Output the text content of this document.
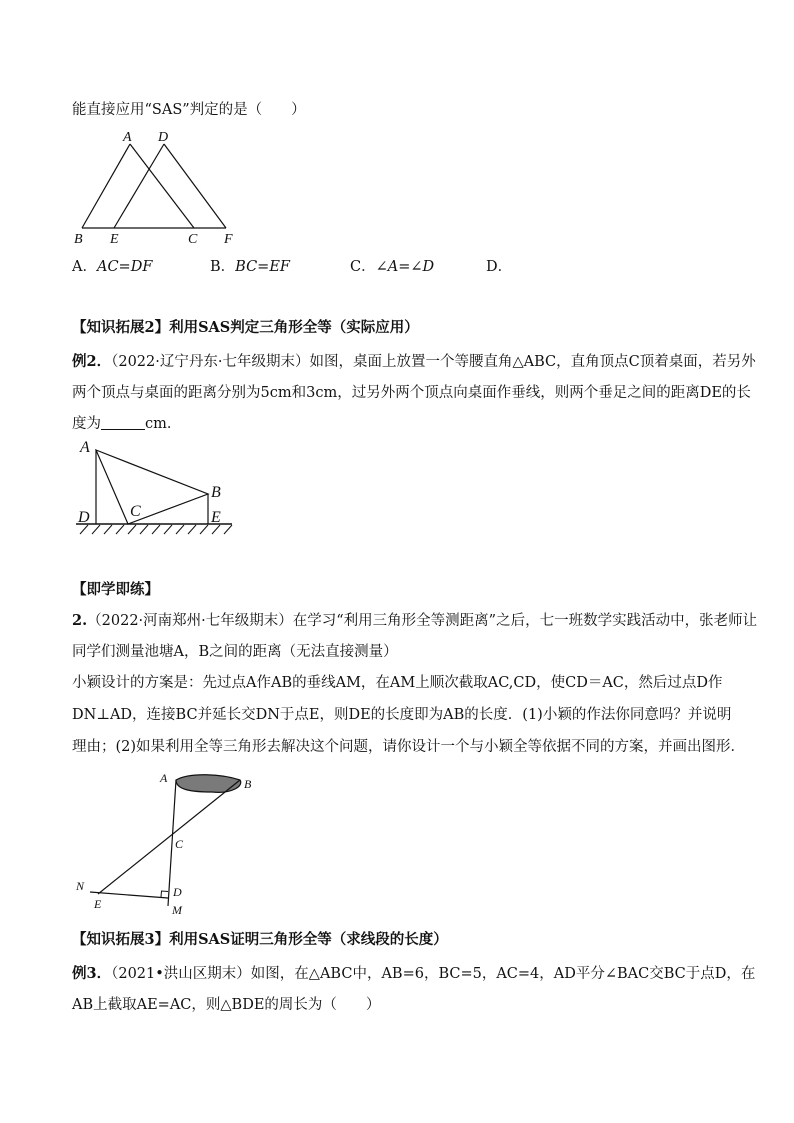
能直接应用“SAS”判定的是（　　）
A D
B E	C F
A．AC=DF	B．BC=EF	C．∠A=∠D	D．
【知识拓展2】利用SAS判定三角形全等（实际应用）
例2．（2022·辽宁丹东·七年级期末）如图，桌面上放置一个等腰直角△ABC，直角顶点C顶着桌面，若另外
两个顶点与桌面的距离分别为5cm和3cm，过另外两个顶点向桌面作垂线，则两个垂足之间的距离DE的长
度为	cm．
A
B
C
D	E
【即学即练】
2.（2022·河南郑州·七年级期末）在学习“利用三角形全等测距离”之后，七一班数学实践活动中，张老师让
同学们测量池塘A，B之间的距离（无法直接测量）
小颖设计的方案是：先过点A作AB的垂线AM，在AM上顺次截取AC,CD，使CD＝AC，然后过点D作
DN⊥AD，连接BC并延长交DN于点E，则DE的长度即为AB的长度．(1)小颖的作法你同意吗？并说明
理由；(2)如果利用全等三角形去解决这个问题，请你设计一个与小颖全等依据不同的方案，并画出图形．
A	B
C
D
E
N
M
【知识拓展3】利用SAS证明三角形全等（求线段的长度）
例3．（2021•洪山区期末）如图，在△ABC中，AB=6，BC=5，AC=4，AD平分∠BAC交BC于点D，在
AB上截取AE=AC，则△BDE的周长为（　　）
